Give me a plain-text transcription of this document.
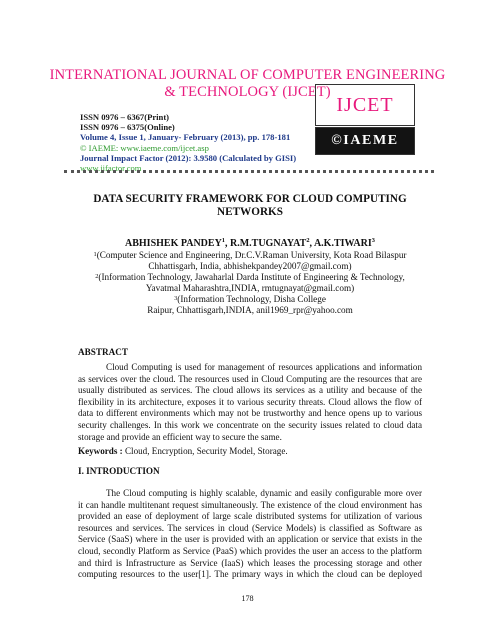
INTERNATIONAL JOURNAL OF COMPUTER ENGINEERING
& TECHNOLOGY (IJCET)
ISSN 0976 – 6367(Print)
ISSN 0976 – 6375(Online)
Volume 4, Issue 1, January- February (2013), pp. 178-181
© IAEME: www.iaeme.com/ijcet.asp
Journal Impact Factor (2012): 3.9580 (Calculated by GISI)
www.jifactor.com
IJCET
©IAEME
DATA SECURITY FRAMEWORK FOR CLOUD COMPUTING
NETWORKS
ABHISHEK PANDEY$^1$, R.M.TUGNAYAT$^2$, A.K.TIWARI$^3$
$^1$(Computer Science and Engineering, Dr.C.V.Raman University, Kota Road Bilaspur
Chhattisgarh, India, abhishekpandey2007@gmail.com)
$^2$(Information Technology, Jawaharlal Darda Institute of Engineering & Technology,
Yavatmal Maharashtra,INDIA, rmtugnayat@gmail.com)
$^3$(Information Technology, Disha College
Raipur, Chhattisgarh,INDIA, anil1969_rpr@yahoo.com
ABSTRACT
Cloud Computing is used for management of resources applications and information
as services over the cloud. The resources used in Cloud Computing are the resources that are
usually distributed as services. The cloud allows its services as a utility and because of the
flexibility in its architecture, exposes it to various security threats. Cloud allows the flow of
data to different environments which may not be trustworthy and hence opens up to various
security challenges. In this work we concentrate on the security issues related to cloud data
storage and provide an efficient way to secure the same.
Keywords : Cloud, Encryption, Security Model, Storage.
I. INTRODUCTION
The Cloud computing is highly scalable, dynamic and easily configurable more over
it can handle multitenant request simultaneously. The existence of the cloud environment has
provided an ease of deployment of large scale distributed systems for utilization of various
resources and services. The services in cloud (Service Models) is classified as Software as
Service (SaaS) where in the user is provided with an application or service that exists in the
cloud, secondly Platform as Service (PaaS) which provides the user an access to the platform
and third is Infrastructure as Service (IaaS) which leases the processing storage and other
computing resources to the user[1]. The primary ways in which the cloud can be deployed
178
